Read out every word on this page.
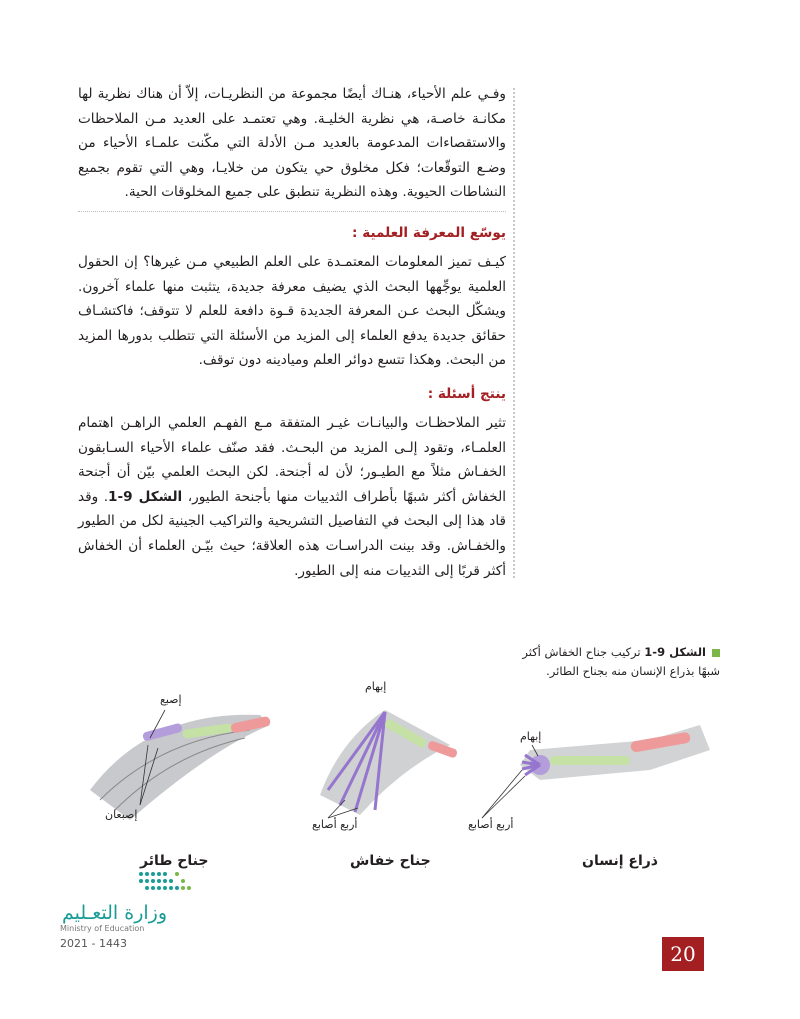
وفـي علم الأحياء، هنـاك أيضًا مجموعة من النظريـات، إلاّ أن هناك نظرية لها مكانـة خاصـة، هي نظرية الخليـة. وهي تعتمـد على العديد مـن الملاحظات والاستقصاءات المدعومة بالعديد مـن الأدلة التي مكّنت علمـاء الأحياء من وضـع التوقّعات؛ فكل مخلوق حي يتكون من خلايـا، وهي التي تقوم بجميع النشاطات الحيوية. وهذه النظرية تنطبق على جميع المخلوقات الحية.

يوسّع المعرفة العلمية :

كيـف تميز المعلومات المعتمـدة على العلم الطبيعي مـن غيرها؟ إن الحقول العلمية يوجِّهها البحث الذي يضيف معرفة جديدة، يتثبت منها علماء آخرون. ويشكّل البحث عـن المعرفة الجديدة قـوة دافعة للعلم لا تتوقف؛ فاكتشـاف حقائق جديدة يدفع العلماء إلى المزيد من الأسئلة التي تتطلب بدورها المزيد من البحث. وهكذا تتسع دوائر العلم وميادينه دون توقف.

ينتج أسئلة :

تثير الملاحظـات والبيانـات غيـر المتفقة مـع الفهـم العلمي الراهـن اهتمام العلمـاء، وتقود إلـى المزيد من البحـث. فقد صنّف علماء الأحياء السـابقون الخفـاش مثلاً مع الطيـور؛ لأن له أجنحة. لكن البحث العلمي بيّن أن أجنحة الخفاش أكثر شبهًا بأطراف الثدييات منها بأجنحة الطيور، الشكل 9-1. وقد قاد هذا إلى البحث في التفاصيل التشريحية والتراكيب الجينية لكل من الطيور والخفـاش. وقد بينت الدراسـات هذه العلاقة؛ حيث بيّـن العلماء أن الخفاش أكثر قربًا إلى الثدييات منه إلى الطيور.

الشكل 9-1 تركيب جناح الخفاش أكثر شبهًا بذراع الإنسان منه بجناح الطائر.
إصبع
إصبعان
إبهام
أربع أصابع
إبهام
أربع أصابع
جناح طائر	جناح خفاش	ذراع إنسان
وزارة التعـليم
Ministry of Education
2021 - 1443	20
